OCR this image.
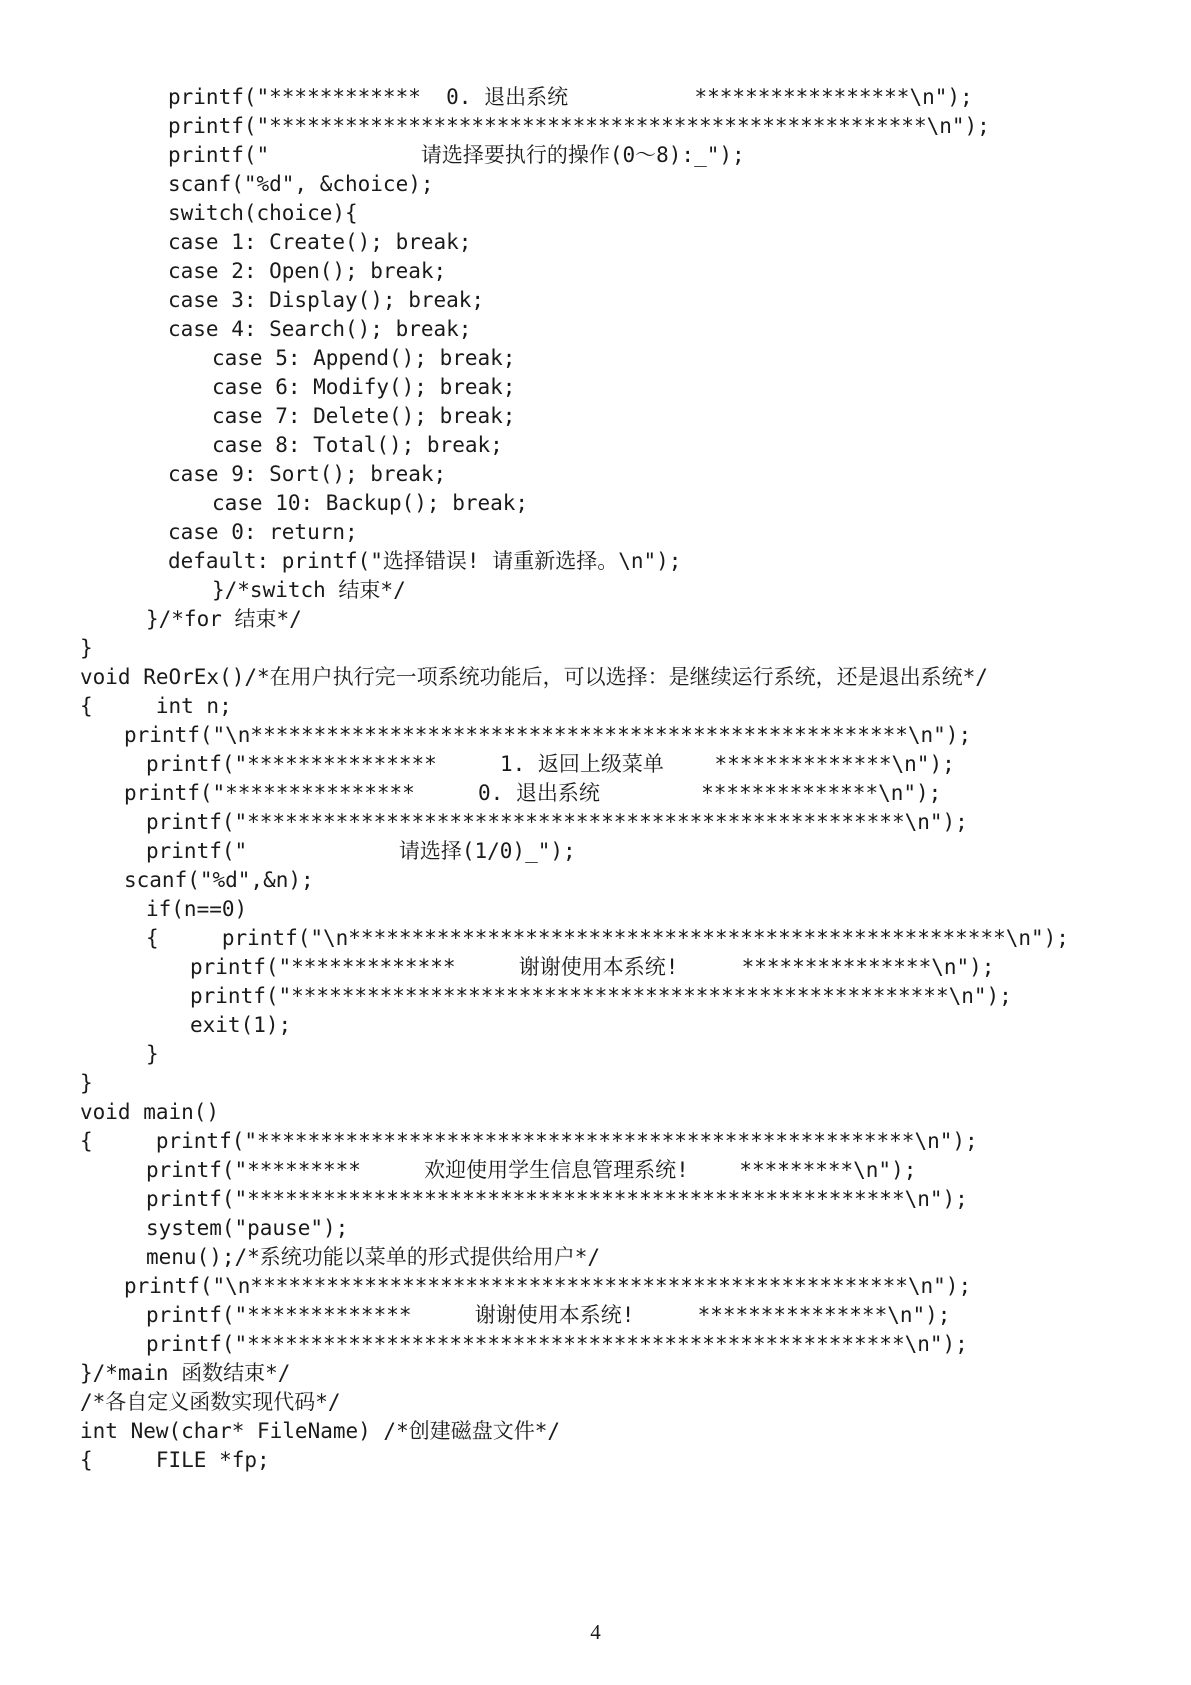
printf("************  0. 退出系统          *****************\n");
printf("****************************************************\n");
printf("            请选择要执行的操作(0～8):_");
scanf("%d", &choice);
switch(choice){
case 1: Create(); break;
case 2: Open(); break;
case 3: Display(); break;
case 4: Search(); break;
case 5: Append(); break;
case 6: Modify(); break;
case 7: Delete(); break;
case 8: Total(); break;
case 9: Sort(); break;
case 10: Backup(); break;
case 0: return;
default: printf("选择错误! 请重新选择。\n");
}/*switch 结束*/
}/*for 结束*/
}
void ReOrEx()/*在用户执行完一项系统功能后，可以选择：是继续运行系统，还是退出系统*/
{     int n;
printf("\n****************************************************\n");
printf("***************     1. 返回上级菜单    **************\n");
printf("***************     0. 退出系统        **************\n");
printf("****************************************************\n");
printf("            请选择(1/0)_");
scanf("%d",&n);
if(n==0)
{     printf("\n****************************************************\n");
printf("*************     谢谢使用本系统!     ***************\n");
printf("****************************************************\n");
exit(1);
}
}
void main()
{     printf("****************************************************\n");
printf("*********     欢迎使用学生信息管理系统!    *********\n");
printf("****************************************************\n");
system("pause");
menu();/*系统功能以菜单的形式提供给用户*/
printf("\n****************************************************\n");
printf("*************     谢谢使用本系统!     ***************\n");
printf("****************************************************\n");
}/*main 函数结束*/
/*各自定义函数实现代码*/
int New(char* FileName) /*创建磁盘文件*/
{     FILE *fp;
4
